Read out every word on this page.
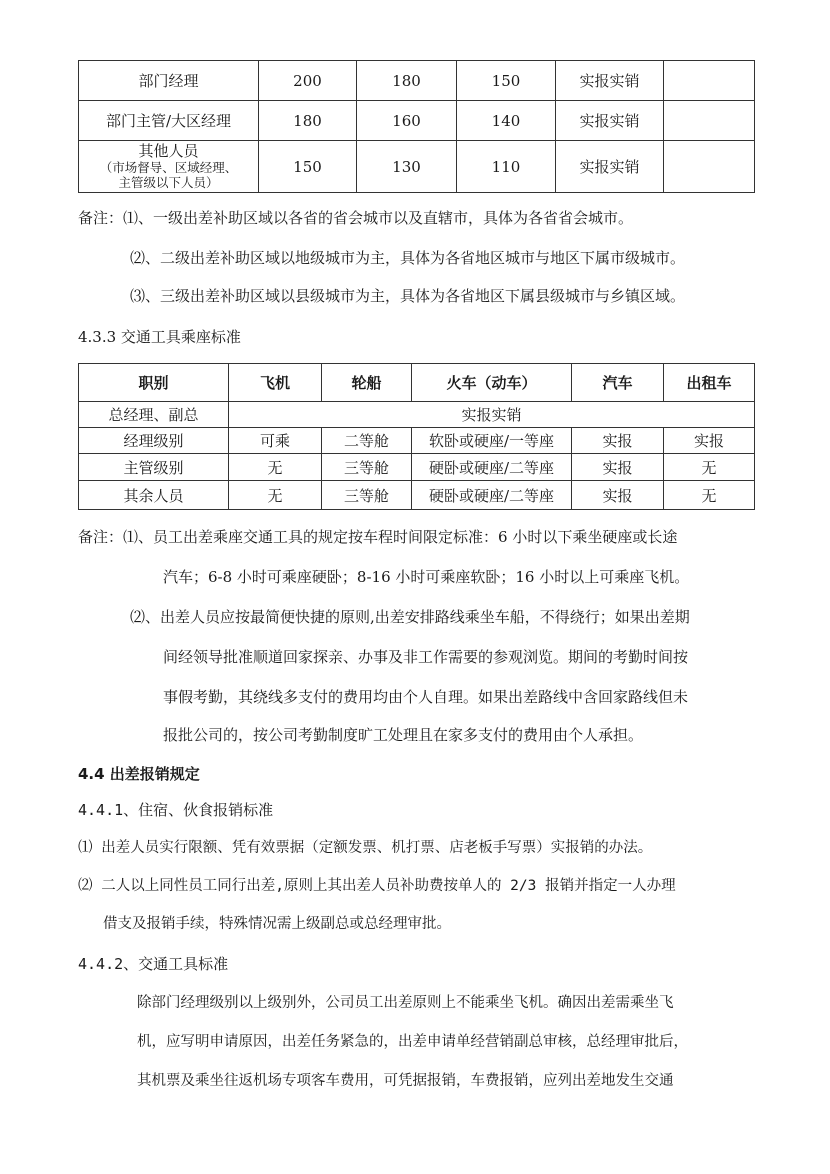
部门经理	200	180	150	实报实销	
部门主管/大区经理	180	160	140	实报实销	

其他人员
（市场督导、区域经理、
主管级以下人员）	150	130	110	实报实销	
备注：⑴、一级出差补助区域以各省的省会城市以及直辖市，具体为各省省会城市。
⑵、二级出差补助区域以地级城市为主，具体为各省地区城市与地区下属市级城市。
⑶、三级出差补助区域以县级城市为主，具体为各省地区下属县级城市与乡镇区域。
4.3.3 交通工具乘座标准
职别	飞机	轮船	火车（动车）	汽车	出租车
总经理、副总	实报实销				
经理级别	可乘	二等舱	软卧或硬座/一等座	实报	实报
主管级别	无	三等舱	硬卧或硬座/二等座	实报	无
其余人员	无	三等舱	硬卧或硬座/二等座	实报	无
备注：⑴、员工出差乘座交通工具的规定按车程时间限定标准：6 小时以下乘坐硬座或长途
汽车；6-8 小时可乘座硬卧；8-16 小时可乘座软卧；16 小时以上可乘座飞机。
⑵、出差人员应按最简便快捷的原则,出差安排路线乘坐车船，不得绕行；如果出差期
间经领导批准顺道回家探亲、办事及非工作需要的参观浏览。期间的考勤时间按
事假考勤，其绕线多支付的费用均由个人自理。如果出差路线中含回家路线但未
报批公司的，按公司考勤制度旷工处理且在家多支付的费用由个人承担。
4.4 出差报销规定
4.4.1、住宿、伙食报销标准
⑴ 出差人员实行限额、凭有效票据（定额发票、机打票、店老板手写票）实报销的办法。
⑵ 二人以上同性员工同行出差,原则上其出差人员补助费按单人的 2/3 报销并指定一人办理
借支及报销手续，特殊情况需上级副总或总经理审批。
4.4.2、交通工具标准
除部门经理级别以上级别外，公司员工出差原则上不能乘坐飞机。确因出差需乘坐飞
机，应写明申请原因，出差任务紧急的，出差申请单经营销副总审核，总经理审批后，
其机票及乘坐往返机场专项客车费用，可凭据报销，车费报销，应列出差地发生交通
